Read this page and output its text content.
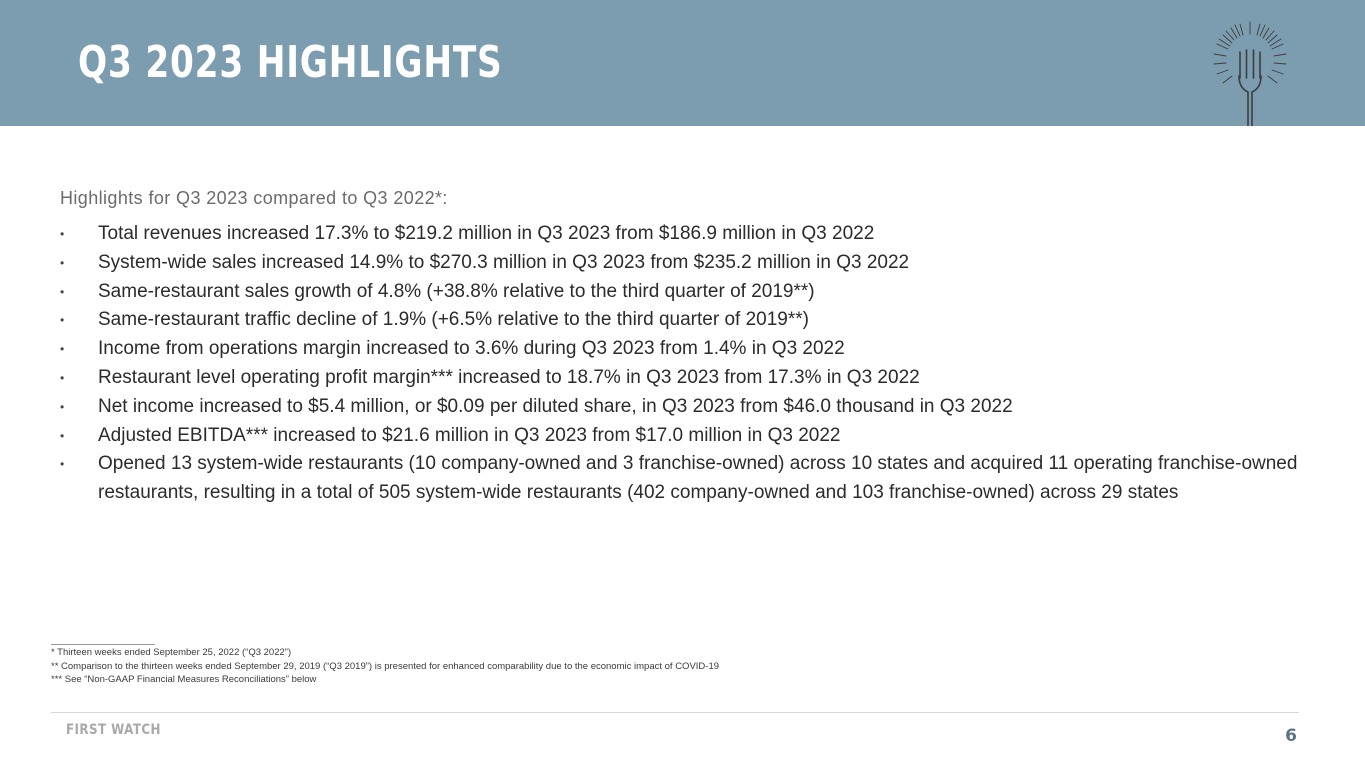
Q3 2023 HIGHLIGHTS

Highlights for Q3 2023 compared to Q3 2022*:

• Total revenues increased 17.3% to $219.2 million in Q3 2023 from $186.9 million in Q3 2022
• System-wide sales increased 14.9% to $270.3 million in Q3 2023 from $235.2 million in Q3 2022
• Same-restaurant sales growth of 4.8% (+38.8% relative to the third quarter of 2019**)
• Same-restaurant traffic decline of 1.9% (+6.5% relative to the third quarter of 2019**)
• Income from operations margin increased to 3.6% during Q3 2023 from 1.4% in Q3 2022
• Restaurant level operating profit margin*** increased to 18.7% in Q3 2023 from 17.3% in Q3 2022
• Net income increased to $5.4 million, or $0.09 per diluted share, in Q3 2023 from $46.0 thousand in Q3 2022
• Adjusted EBITDA*** increased to $21.6 million in Q3 2023 from $17.0 million in Q3 2022
• Opened 13 system-wide restaurants (10 company-owned and 3 franchise-owned) across 10 states and acquired 11 operating franchise-owned restaurants, resulting in a total of 505 system-wide restaurants (402 company-owned and 103 franchise-owned) across 29 states
* Thirteen weeks ended September 25, 2022 (“Q3 2022”)
** Comparison to the thirteen weeks ended September 29, 2019 (“Q3 2019”) is presented for enhanced comparability due to the economic impact of COVID-19
*** See “Non-GAAP Financial Measures Reconciliations” below
FIRST WATCH	6
